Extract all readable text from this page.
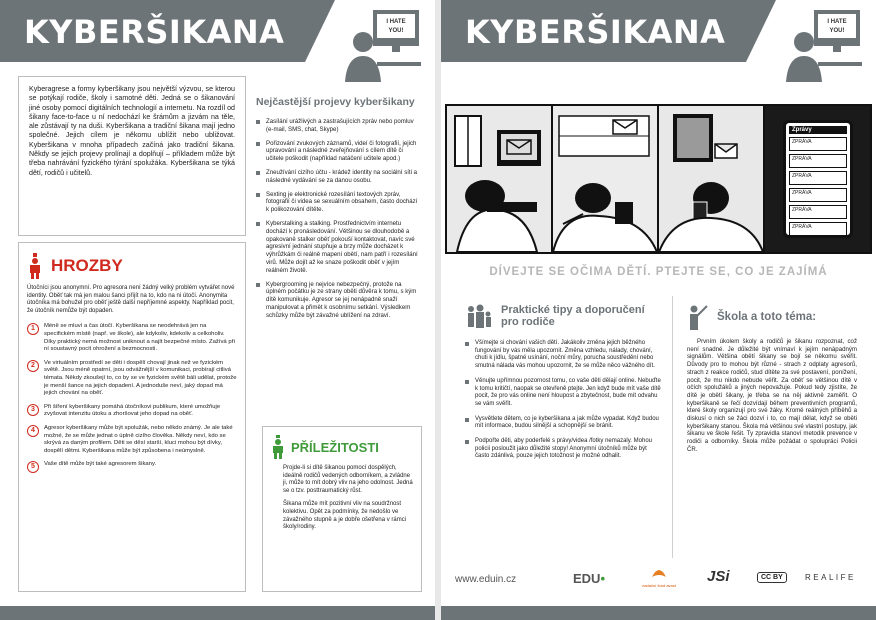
KYBERŠIKANA	I HATE
YOU!
Kyberagrese a formy kyberšikany jsou největší výzvou, se kterou se potýkají rodiče, školy i samotné děti. Jedná se o šikanování jiné osoby pomocí digitálních technologií a internetu. Na rozdíl od šikany face-to-face u ní nedochází ke šrámům a jizvám na těle, ale zůstávají ty na duši. Kyberšikana a tradiční šikana mají jedno společné. Jejich cílem je někomu ublížit nebo ubližovat. Kyberšikana v mnoha případech začíná jako tradiční šikana. Někdy se jejich projevy prolínají a doplňují – příkladem může být třeba nahrávání fyzického týrání spolužáka. Kyberšikana se týká dětí, rodičů i učitelů.
HROZBY
Útočníci jsou anonymní. Pro agresora není žádný velký problém vytvářet nové identity. Oběť tak má jen malou šanci přijít na to, kdo na ni útočí. Anonymita útočníka má bohužel pro oběť ještě další nepříjemné aspekty. Například pocit, že útočník nemůže být dopaden.
1	Méně se mluví a čas útočí. Kyberšikana se neodehrává jen na specifickém místě (např. ve škole), ale kdykoliv, kdekoliv a celkoholiv. Díky praktický nemá možnost uniknout a najít bezpečné místo. Zažívá při ní soustavný pocit ohrožení a bezmocnosti.
2	Ve virtuálním prostředí se děti i dospělí chovají jinak než ve fyzickém světě. Jsou méně opatrní, jsou odvážnější v komunikaci, probírají citlivá témata. Někdy zkoušejí to, co by se ve fyzickém světě báli udělat, protože je menší šance na jejich dopadení. A jednoduše neví, jaký dopad má jejich chování na oběť.
3	Při šíření kyberšikany pomáhá útočníkovi publikum, které umožňuje zvyšovat intenzitu útoku a zhoršovat jeho dopad na oběť.
4	Agresor kyberšikany může být spolužák, nebo někdo známý. Je ale také možné, že se může jednat o úplně cizího člověka. Někdy neví, kdo se skrývá za daným profilem. Děti se děsí starší, kluci mohou být dívky, dospělí dětmi. Kyberšikana může být způsobena i neúmyslně.
5	Vaše dítě může být také agresorem šikany.
Nejčastější projevy kyberšikany
Zasílání urážlivých a zastrašujících zpráv nebo pomluv (e-mail, SMS, chat, Skype)
Pořizování zvukových záznamů, videí či fotografií, jejich upravování a následné zveřejňování s cílem dítě či učitele poškodit (například natáčení učitele apod.)
Zneužívání cizího účtu - krádež identity na sociální síti a následné vydávání se za danou osobu.
Sexting je elektronické rozesílání textových zpráv, fotografií či videa se sexuálním obsahem, často dochází k polikozování dítěte.
Kyberstalking a stalking. Prostřednictvím internetu dochází k pronásledování. Většinou se dlouhodobě a opakovaně stalker oběť pokouší kontaktovat, navíc své agresivní jednání stupňuje a brzy může docházet k výhrůžkám či reálně mapení obětí, nam patří i rozesílání virů. Může dojít až ke snaze poškodit oběť v jejím reálném životě.
Kybergrooming je nejvíce nebezpečný, protože na úplném počátku je ze strany oběti důvěra k tomu, s kým dítě komunikuje. Agresor se jej nenápadně snaží manipulovat a přimět k osobnímu setkání. Výsledkem schůzky může být závažné ublížení na zdraví.
PŘÍLEŽITOSTI
Projde-li si dítě šikanou pomocí dospělých, ideálně rodičů vedených odborníkem, a zvládne ji, může to mít dobrý vliv na jeho odolnost. Jedná se o tzv. posttraumatický růst.
Šikana může mít pozitivní vliv na soudržnost kolektivu. Opět za podmínky, že nedošlo ve závažného stupně a je dobře ošetřena v rámci školy/rodiny.
KYBERŠIKANA	I HATE
YOU!
Zprávy
ZPRÁVA
ZPRÁVA
ZPRÁVA
ZPRÁVA
ZPRÁVA
ZPRÁVA
DÍVEJTE SE OČIMA DĚTÍ. PTEJTE SE, CO JE ZAJÍMÁ
Praktické tipy a doporučení
pro rodiče
Všímejte si chování vašich dětí. Jakákoliv změna jejich běžného fungování by vás měla upozornit. Změna vzhledu, nálady, chování, chuti k jídlu, špatné usínání, noční můry, porucha soustředění nebo smutná nálada vás mohou upozornit, že se může něco vážného dít.
Věnujte upřímnou pozornost tomu, co vaše děti dělají online. Nebuďte k tomu kritičtí, naopak se otevřeně ptejte. Jen když bude mít vaše dítě pocit, že pro vás online není hloupost a zbytečnost, bude mít odvahu se vám svěřit.
Vysvětlete dětem, co je kyberšikana a jak může vypadat. Když budou mít informace, budou silnější a schopnější se bránit.
Podpořte děti, aby poderfelé s právy/videa /fotky nemazaly. Mohou policii posloužit jako důležité stopy! Anonymní útočníků může být často zdánlivá, pouze jejich totožnost je možné odhalit.
Škola a toto téma:
Prvním úkolem školy a rodičů je šikanu rozpoznat, což není snadné. Je důležité být vnímaví k jejím nenápadným signálům. Většina obětí šikany se bojí se někomu svěřit. Důvody pro to mohou být různé - strach z odplaty agresorů, strach z reakce rodičů, stud dítěte za své postavení, ponížení, pocit, že mu nikdo nebude věřit. Za oběť se většinou dítě v očích spolužáků a jiných nepovažuje. Pokud tedy zjistíte, že dítě je obětí šikany, je třeba se na něj aktivně zaměřit. O kyberšikaně se řečí dozvídají během preventivních programů, které školy organizují pro své žáky. Kromě reálných příběhů a diskusí o nich se žáci dozví i to, co mají dělat, když se oběti kyberšikany stanou. Škola má většinou své vlastní postupy, jak šikanu ve škole řešit. Ty zpravidla stanoví metodik prevence v rodiči a odborníky. Škola může požádat o spolupráci Policii ČR.
www.eduin.cz	EDU•	nadační fond avast
JSi	CC BY	REALIFE
